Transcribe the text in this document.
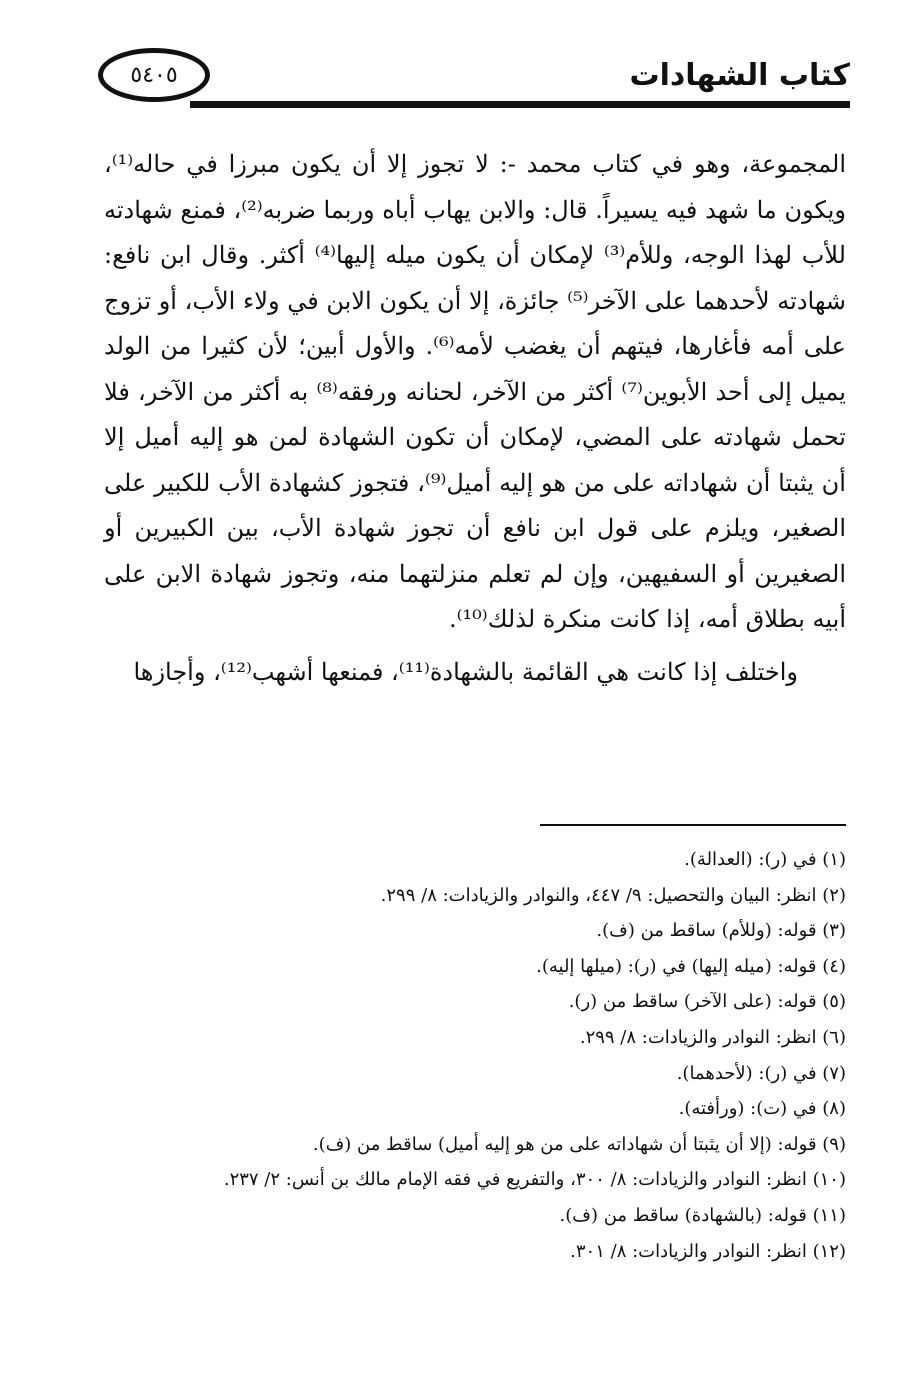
كتاب الشهادات
٥٤٠٥

المجموعة، وهو في كتاب محمد -: لا تجوز إلا أن يكون مبرزا في حاله⁽¹⁾، ويكون ما شهد فيه يسيراً. قال: والابن يهاب أباه وربما ضربه⁽²⁾، فمنع شهادته للأب لهذا الوجه، وللأم⁽³⁾ لإمكان أن يكون ميله إليها⁽⁴⁾ أكثر. وقال ابن نافع: شهادته لأحدهما على الآخر⁽⁵⁾ جائزة، إلا أن يكون الابن في ولاء الأب، أو تزوج على أمه فأغارها، فيتهم أن يغضب لأمه⁽⁶⁾. والأول أبين؛ لأن كثيرا من الولد يميل إلى أحد الأبوين⁽⁷⁾ أكثر من الآخر، لحنانه ورفقه⁽⁸⁾ به أكثر من الآخر، فلا تحمل شهادته على المضي، لإمكان أن تكون الشهادة لمن هو إليه أميل إلا أن يثبتا أن شهاداته على من هو إليه أميل⁽⁹⁾، فتجوز كشهادة الأب للكبير على الصغير، ويلزم على قول ابن نافع أن تجوز شهادة الأب، بين الكبيرين أو الصغيرين أو السفيهين، وإن لم تعلم منزلتهما منه، وتجوز شهادة الابن على أبيه بطلاق أمه، إذا كانت منكرة لذلك⁽¹⁰⁾.

واختلف إذا كانت هي القائمة بالشهادة⁽¹¹⁾، فمنعها أشهب⁽¹²⁾، وأجازها

(١) في (ر): (العدالة).
(٢) انظر: البيان والتحصيل: ٩/ ٤٤٧، والنوادر والزيادات: ٨/ ٢٩٩.
(٣) قوله: (وللأم) ساقط من (ف).
(٤) قوله: (ميله إليها) في (ر): (ميلها إليه).
(٥) قوله: (على الآخر) ساقط من (ر).
(٦) انظر: النوادر والزيادات: ٨/ ٢٩٩.
(٧) في (ر): (لأحدهما).
(٨) في (ت): (ورأفته).
(٩) قوله: (إلا أن يثبتا أن شهاداته على من هو إليه أميل) ساقط من (ف).
(١٠) انظر: النوادر والزيادات: ٨/ ٣٠٠، والتفريع في فقه الإمام مالك بن أنس: ٢/ ٢٣٧.
(١١) قوله: (بالشهادة) ساقط من (ف).
(١٢) انظر: النوادر والزيادات: ٨/ ٣٠١.
